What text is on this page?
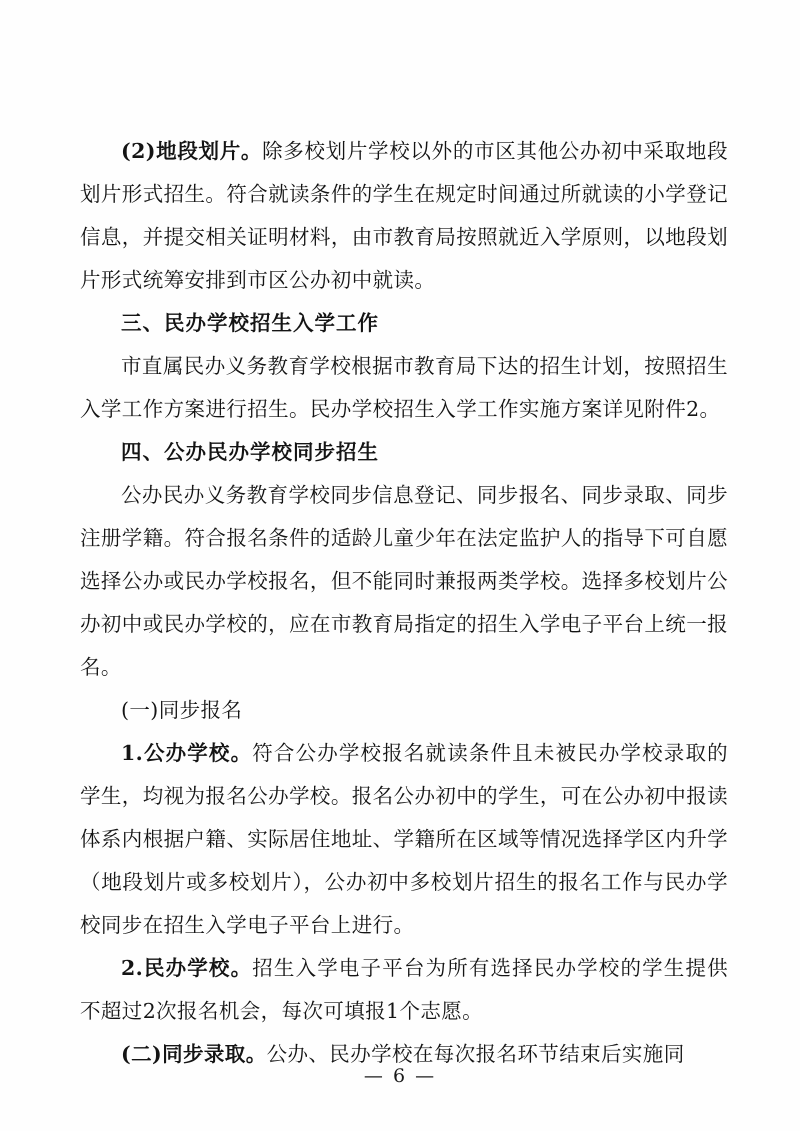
(2)地段划片。除多校划片学校以外的市区其他公办初中采取地段划片形式招生。符合就读条件的学生在规定时间通过所就读的小学登记信息，并提交相关证明材料，由市教育局按照就近入学原则，以地段划片形式统筹安排到市区公办初中就读。

三、民办学校招生入学工作

市直属民办义务教育学校根据市教育局下达的招生计划，按照招生入学工作方案进行招生。民办学校招生入学工作实施方案详见附件2。

四、公办民办学校同步招生

公办民办义务教育学校同步信息登记、同步报名、同步录取、同步注册学籍。符合报名条件的适龄儿童少年在法定监护人的指导下可自愿选择公办或民办学校报名，但不能同时兼报两类学校。选择多校划片公办初中或民办学校的，应在市教育局指定的招生入学电子平台上统一报名。

(一)同步报名

1.公办学校。符合公办学校报名就读条件且未被民办学校录取的学生，均视为报名公办学校。报名公办初中的学生，可在公办初中报读体系内根据户籍、实际居住地址、学籍所在区域等情况选择学区内升学（地段划片或多校划片），公办初中多校划片招生的报名工作与民办学校同步在招生入学电子平台上进行。

2.民办学校。招生入学电子平台为所有选择民办学校的学生提供不超过2次报名机会，每次可填报1个志愿。

(二)同步录取。公办、民办学校在每次报名环节结束后实施同

— 6 —
